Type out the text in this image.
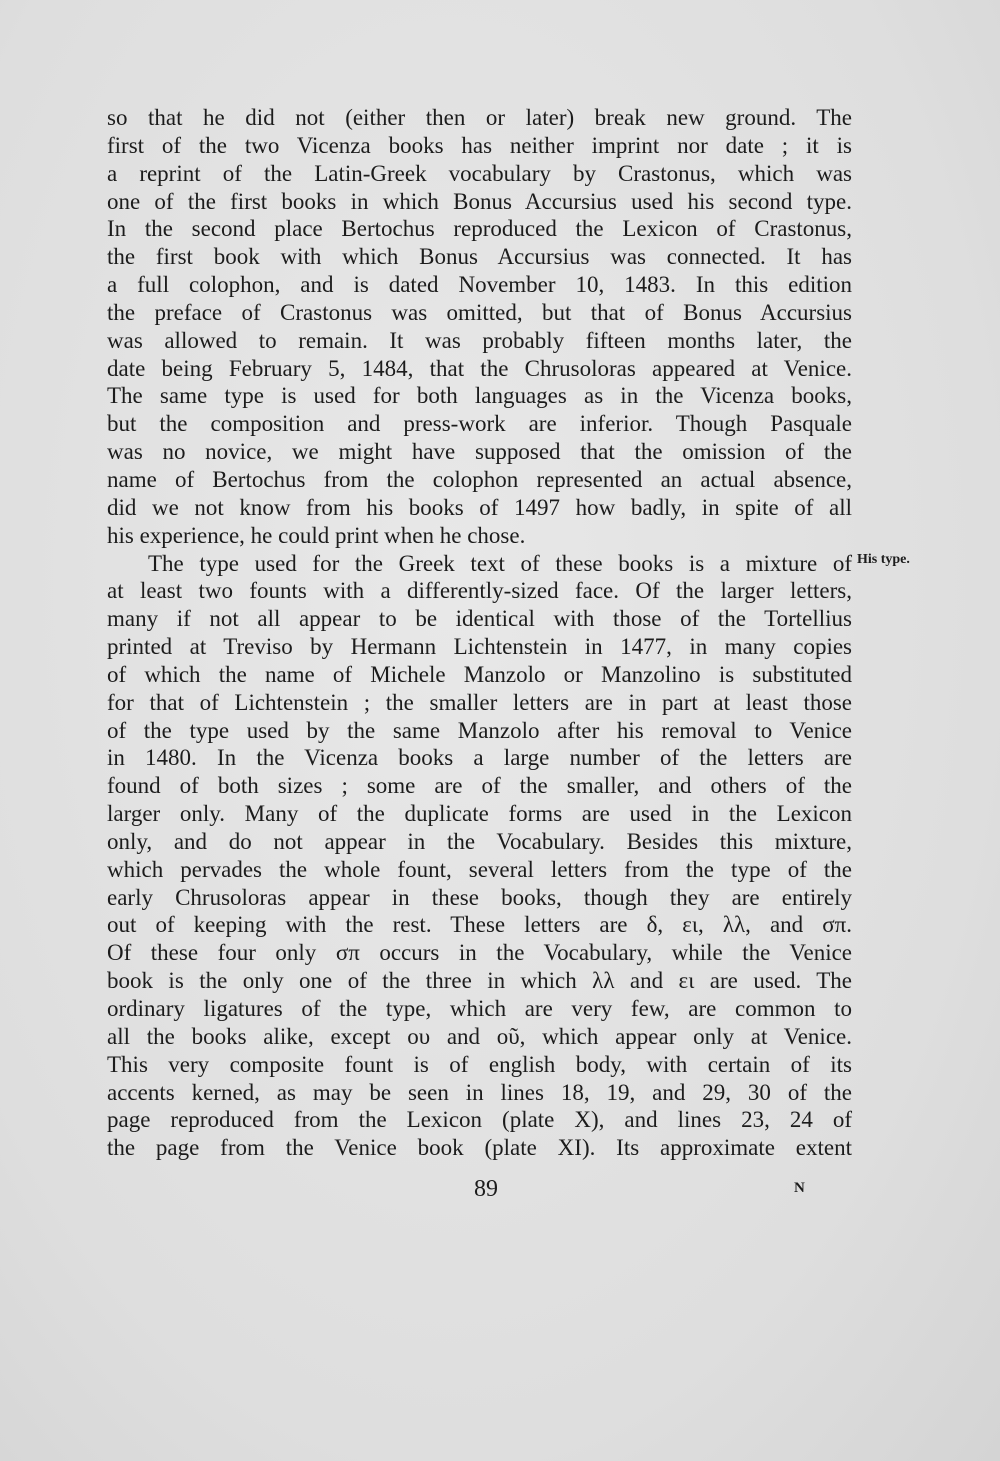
so that he did not (either then or later) break new ground. The
first of the two Vicenza books has neither imprint nor date ; it is
a reprint of the Latin-Greek vocabulary by Crastonus, which was
one of the first books in which Bonus Accursius used his second type.
In the second place Bertochus reproduced the Lexicon of Crastonus,
the first book with which Bonus Accursius was connected. It has
a full colophon, and is dated November 10, 1483. In this edition
the preface of Crastonus was omitted, but that of Bonus Accursius
was allowed to remain. It was probably fifteen months later, the
date being February 5, 1484, that the Chrusoloras appeared at Venice.
The same type is used for both languages as in the Vicenza books,
but the composition and press-work are inferior. Though Pasquale
was no novice, we might have supposed that the omission of the
name of Bertochus from the colophon represented an actual absence,
did we not know from his books of 1497 how badly, in spite of all
his experience, he could print when he chose.
The type used for the Greek text of these books is a mixture of
at least two founts with a differently-sized face. Of the larger letters,
many if not all appear to be identical with those of the Tortellius
printed at Treviso by Hermann Lichtenstein in 1477, in many copies
of which the name of Michele Manzolo or Manzolino is substituted
for that of Lichtenstein ; the smaller letters are in part at least those
of the type used by the same Manzolo after his removal to Venice
in 1480. In the Vicenza books a large number of the letters are
found of both sizes ; some are of the smaller, and others of the
larger only. Many of the duplicate forms are used in the Lexicon
only, and do not appear in the Vocabulary. Besides this mixture,
which pervades the whole fount, several letters from the type of the
early Chrusoloras appear in these books, though they are entirely
out of keeping with the rest. These letters are δ, ει, λλ, and σπ.
Of these four only σπ occurs in the Vocabulary, while the Venice
book is the only one of the three in which λλ and ει are used. The
ordinary ligatures of the type, which are very few, are common to
all the books alike, except ου and οῦ, which appear only at Venice.
This very composite fount is of english body, with certain of its
accents kerned, as may be seen in lines 18, 19, and 29, 30 of the
page reproduced from the Lexicon (plate X), and lines 23, 24 of
the page from the Venice book (plate XI). Its approximate extent
His type.
89	N
